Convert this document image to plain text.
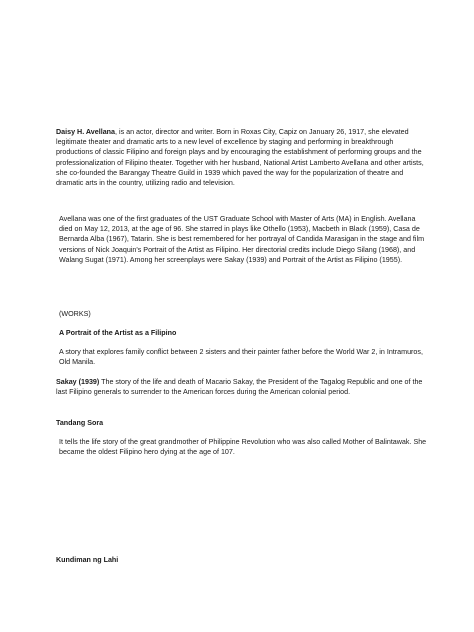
Daisy H. Avellana, is an actor, director and writer. Born in Roxas City, Capiz on January 26, 1917, she elevated legitimate theater and dramatic arts to a new level of excellence by staging and performing in breakthrough productions of classic Filipino and foreign plays and by encouraging the establishment of performing groups and the professionalization of Filipino theater. Together with her husband, National Artist Lamberto Avellana and other artists, she co-founded the Barangay Theatre Guild in 1939 which paved the way for the popularization of theatre and dramatic arts in the country, utilizing radio and television.
Avellana was one of the first graduates of the UST Graduate School with Master of Arts (MA) in English. Avellana died on May 12, 2013, at the age of 96. She starred in plays like Othello (1953), Macbeth in Black (1959), Casa de Bernarda Alba (1967), Tatarin. She is best remembered for her portrayal of Candida Marasigan in the stage and film versions of Nick Joaquin's Portrait of the Artist as Filipino. Her directorial credits include Diego Silang (1968), and Walang Sugat (1971). Among her screenplays were Sakay (1939) and Portrait of the Artist as Filipino (1955).
(WORKS)
A Portrait of the Artist as a Filipino
A story that explores family conflict between 2 sisters and their painter father before the World War 2, in Intramuros, Old Manila.
Sakay (1939) The story of the life and death of Macario Sakay, the President of the Tagalog Republic and one of the last Filipino generals to surrender to the American forces during the American colonial period.
Tandang Sora
It tells the life story of the great grandmother of Philippine Revolution who was also called Mother of Balintawak. She became the oldest Filipino hero dying at the age of 107.
Kundiman ng Lahi
